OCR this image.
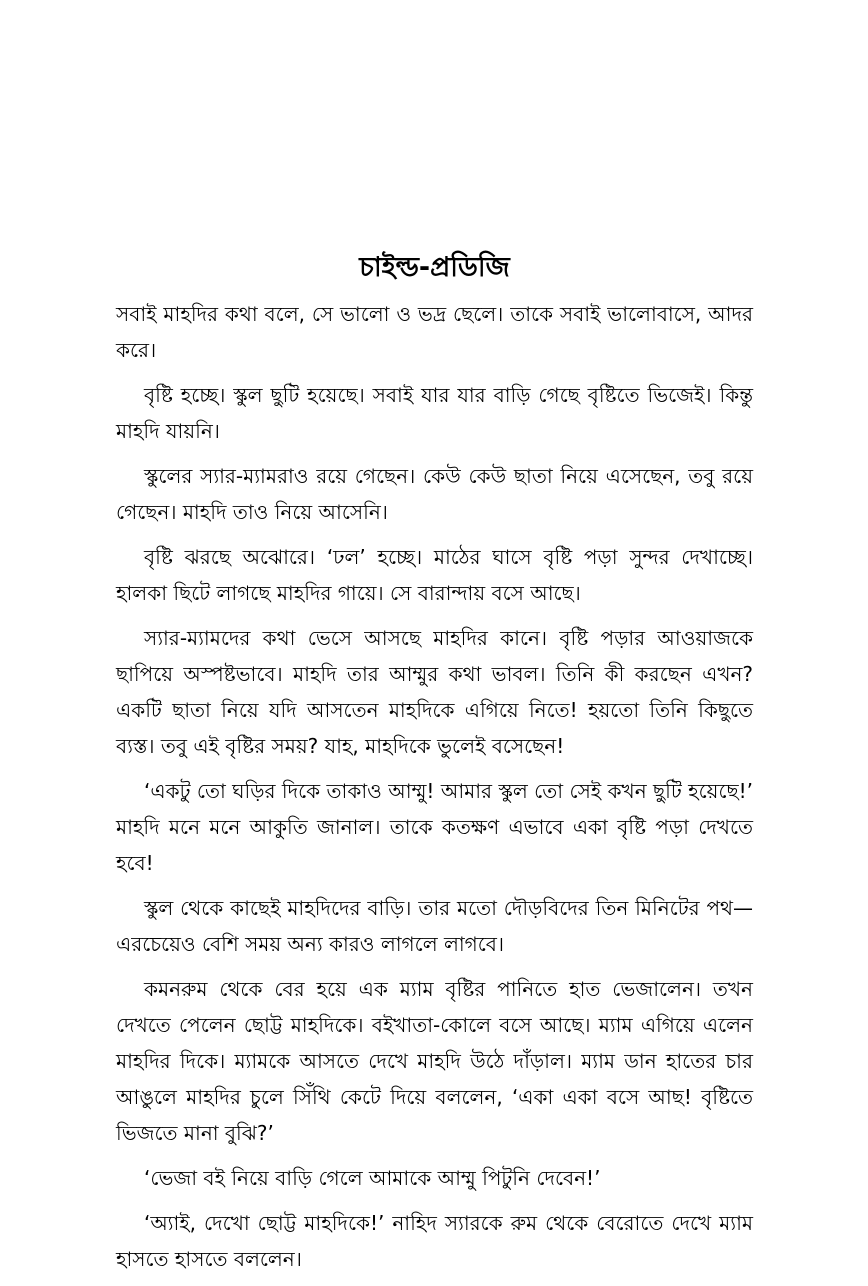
চাইল্ড-প্রডিজি

সবাই মাহদির কথা বলে, সে ভালো ও ভদ্র ছেলে। তাকে সবাই ভালোবাসে, আদর করে।

বৃষ্টি হচ্ছে। স্কুল ছুটি হয়েছে। সবাই যার যার বাড়ি গেছে বৃষ্টিতে ভিজেই। কিন্তু মাহদি যায়নি।

স্কুলের স্যার-ম্যামরাও রয়ে গেছেন। কেউ কেউ ছাতা নিয়ে এসেছেন, তবু রয়ে গেছেন। মাহদি তাও নিয়ে আসেনি।

বৃষ্টি ঝরছে অঝোরে। ‘ঢল’ হচ্ছে। মাঠের ঘাসে বৃষ্টি পড়া সুন্দর দেখাচ্ছে। হালকা ছিটে লাগছে মাহদির গায়ে। সে বারান্দায় বসে আছে।

স্যার-ম্যামদের কথা ভেসে আসছে মাহদির কানে। বৃষ্টি পড়ার আওয়াজকে ছাপিয়ে অস্পষ্টভাবে। মাহদি তার আম্মুর কথা ভাবল। তিনি কী করছেন এখন? একটি ছাতা নিয়ে যদি আসতেন মাহদিকে এগিয়ে নিতে! হয়তো তিনি কিছুতে ব্যস্ত। তবু এই বৃষ্টির সময়? যাহ, মাহদিকে ভুলেই বসেছেন!

‘একটু তো ঘড়ির দিকে তাকাও আম্মু! আমার স্কুল তো সেই কখন ছুটি হয়েছে!’ মাহদি মনে মনে আকুতি জানাল। তাকে কতক্ষণ এভাবে একা বৃষ্টি পড়া দেখতে হবে!

স্কুল থেকে কাছেই মাহদিদের বাড়ি। তার মতো দৌড়বিদের তিন মিনিটের পথ—এরচেয়েও বেশি সময় অন্য কারও লাগলে লাগবে।

কমনরুম থেকে বের হয়ে এক ম্যাম বৃষ্টির পানিতে হাত ভেজালেন। তখন দেখতে পেলেন ছোট্ট মাহদিকে। বইখাতা-কোলে বসে আছে। ম্যাম এগিয়ে এলেন মাহদির দিকে। ম্যামকে আসতে দেখে মাহদি উঠে দাঁড়াল। ম্যাম ডান হাতের চার আঙুলে মাহদির চুলে সিঁথি কেটে দিয়ে বললেন, ‘একা একা বসে আছ! বৃষ্টিতে ভিজতে মানা বুঝি?’

‘ভেজা বই নিয়ে বাড়ি গেলে আমাকে আম্মু পিটুনি দেবেন!’

‘অ্যাই, দেখো ছোট্ট মাহদিকে!’ নাহিদ স্যারকে রুম থেকে বেরোতে দেখে ম্যাম হাসতে হাসতে বললেন।
